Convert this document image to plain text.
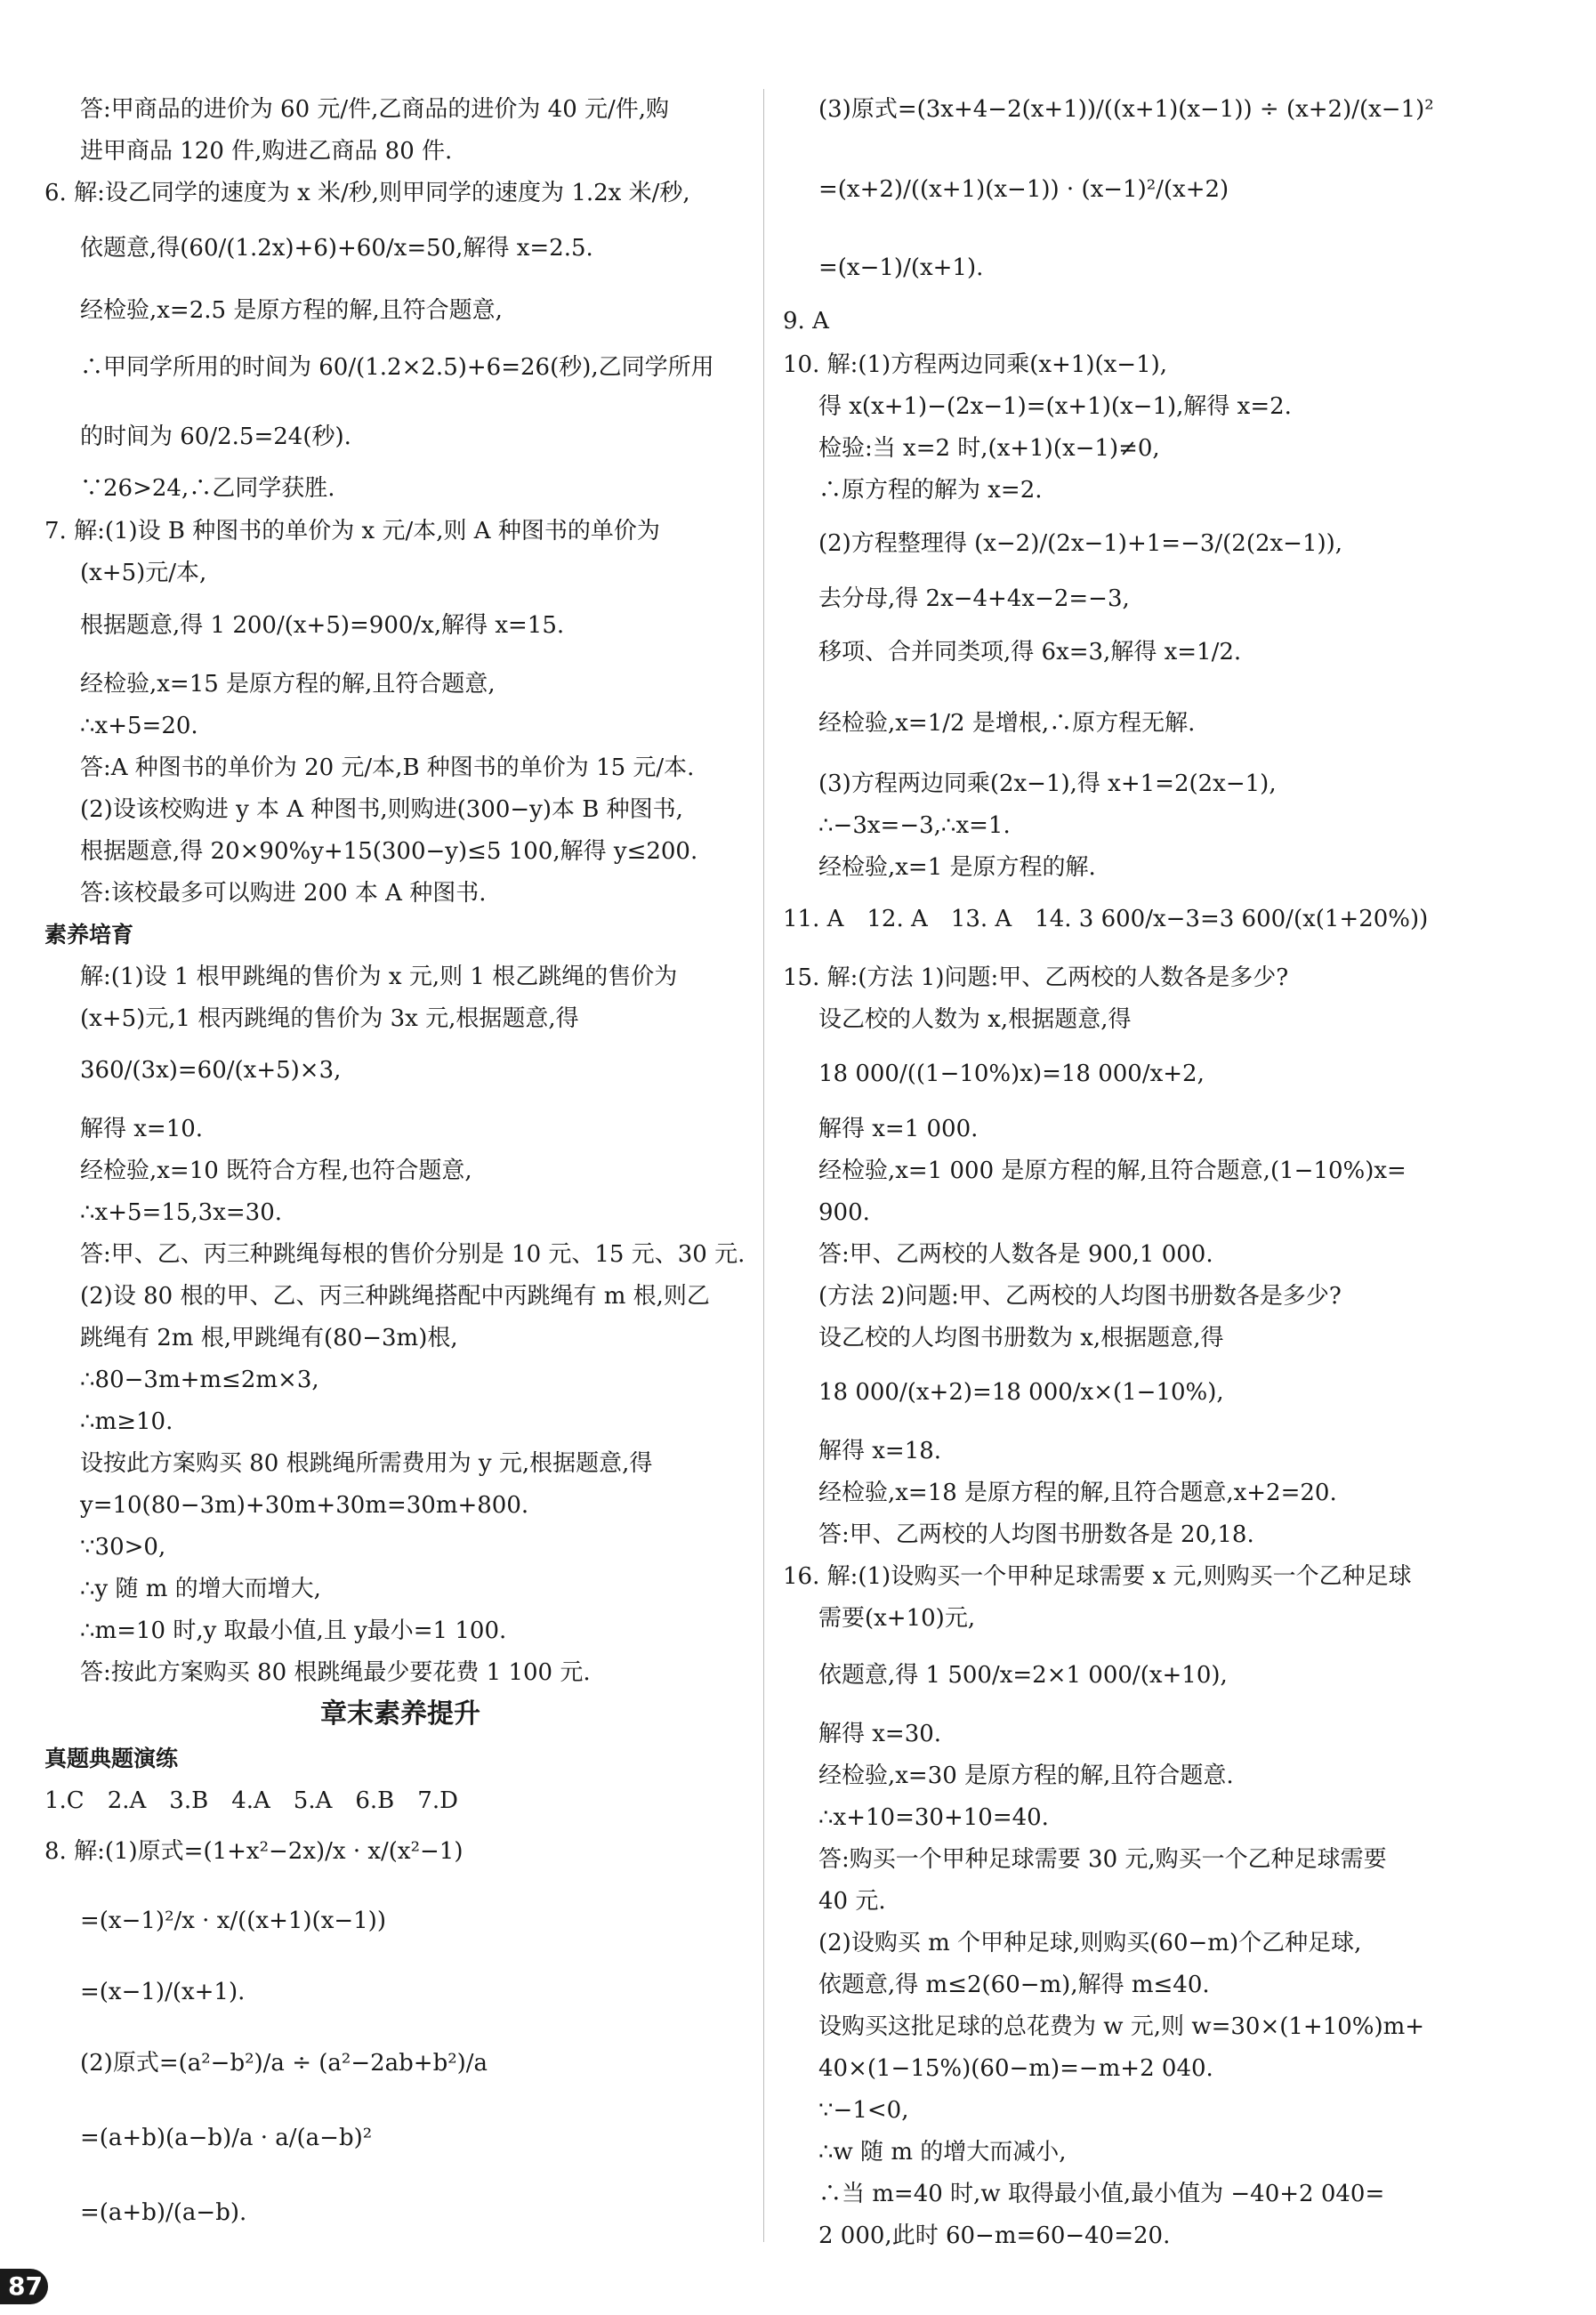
答:甲商品的进价为 60 元/件,乙商品的进价为 40 元/件,购
进甲商品 120 件,购进乙商品 80 件.
6. 解:设乙同学的速度为 x 米/秒,则甲同学的速度为 1.2x 米/秒,
依题意,得(60/(1.2x)+6)+60/x=50,解得 x=2.5.
经检验,x=2.5 是原方程的解,且符合题意,
∴甲同学所用的时间为 60/(1.2×2.5)+6=26(秒),乙同学所用
的时间为 60/2.5=24(秒).
∵26>24,∴乙同学获胜.
7. 解:(1)设 B 种图书的单价为 x 元/本,则 A 种图书的单价为
(x+5)元/本,
根据题意,得 1 200/(x+5)=900/x,解得 x=15.
经检验,x=15 是原方程的解,且符合题意,
∴x+5=20.
答:A 种图书的单价为 20 元/本,B 种图书的单价为 15 元/本.
(2)设该校购进 y 本 A 种图书,则购进(300−y)本 B 种图书,
根据题意,得 20×90%y+15(300−y)≤5 100,解得 y≤200.
答:该校最多可以购进 200 本 A 种图书.
素养培育
解:(1)设 1 根甲跳绳的售价为 x 元,则 1 根乙跳绳的售价为
(x+5)元,1 根丙跳绳的售价为 3x 元,根据题意,得
360/(3x)=60/(x+5)×3,
解得 x=10.
经检验,x=10 既符合方程,也符合题意,
∴x+5=15,3x=30.
答:甲、乙、丙三种跳绳每根的售价分别是 10 元、15 元、30 元.
(2)设 80 根的甲、乙、丙三种跳绳搭配中丙跳绳有 m 根,则乙
跳绳有 2m 根,甲跳绳有(80−3m)根,
∴80−3m+m≤2m×3,
∴m≥10.
设按此方案购买 80 根跳绳所需费用为 y 元,根据题意,得
y=10(80−3m)+30m+30m=30m+800.
∵30>0,
∴y 随 m 的增大而增大,
∴m=10 时,y 取最小值,且 y最小=1 100.
答:按此方案购买 80 根跳绳最少要花费 1 100 元.
章末素养提升
真题典题演练
1.C　2.A　3.B　4.A　5.A　6.B　7.D
8. 解:(1)原式=(1+x²−2x)/x · x/(x²−1)
=(x−1)²/x · x/((x+1)(x−1))
=(x−1)/(x+1).
(2)原式=(a²−b²)/a ÷ (a²−2ab+b²)/a
=(a+b)(a−b)/a · a/(a−b)²
=(a+b)/(a−b).
(3)原式=(3x+4−2(x+1))/((x+1)(x−1)) ÷ (x+2)/(x−1)²
=(x+2)/((x+1)(x−1)) · (x−1)²/(x+2)
=(x−1)/(x+1).
9. A
10. 解:(1)方程两边同乘(x+1)(x−1),
得 x(x+1)−(2x−1)=(x+1)(x−1),解得 x=2.
检验:当 x=2 时,(x+1)(x−1)≠0,
∴原方程的解为 x=2.
(2)方程整理得 (x−2)/(2x−1)+1=−3/(2(2x−1)),
去分母,得 2x−4+4x−2=−3,
移项、合并同类项,得 6x=3,解得 x=1/2.
经检验,x=1/2 是增根,∴原方程无解.
(3)方程两边同乘(2x−1),得 x+1=2(2x−1),
∴−3x=−3,∴x=1.
经检验,x=1 是原方程的解.
11. A　12. A　13. A　14. 3 600/x−3=3 600/(x(1+20%))
15. 解:(方法 1)问题:甲、乙两校的人数各是多少?
设乙校的人数为 x,根据题意,得
18 000/((1−10%)x)=18 000/x+2,
解得 x=1 000.
经检验,x=1 000 是原方程的解,且符合题意,(1−10%)x=
900.
答:甲、乙两校的人数各是 900,1 000.
(方法 2)问题:甲、乙两校的人均图书册数各是多少?
设乙校的人均图书册数为 x,根据题意,得
18 000/(x+2)=18 000/x×(1−10%),
解得 x=18.
经检验,x=18 是原方程的解,且符合题意,x+2=20.
答:甲、乙两校的人均图书册数各是 20,18.
16. 解:(1)设购买一个甲种足球需要 x 元,则购买一个乙种足球
需要(x+10)元,
依题意,得 1 500/x=2×1 000/(x+10),
解得 x=30.
经检验,x=30 是原方程的解,且符合题意.
∴x+10=30+10=40.
答:购买一个甲种足球需要 30 元,购买一个乙种足球需要
40 元.
(2)设购买 m 个甲种足球,则购买(60−m)个乙种足球,
依题意,得 m≤2(60−m),解得 m≤40.
设购买这批足球的总花费为 w 元,则 w=30×(1+10%)m+
40×(1−15%)(60−m)=−m+2 040.
∵−1<0,
∴w 随 m 的增大而减小,
∴当 m=40 时,w 取得最小值,最小值为 −40+2 040=
2 000,此时 60−m=60−40=20.
87
